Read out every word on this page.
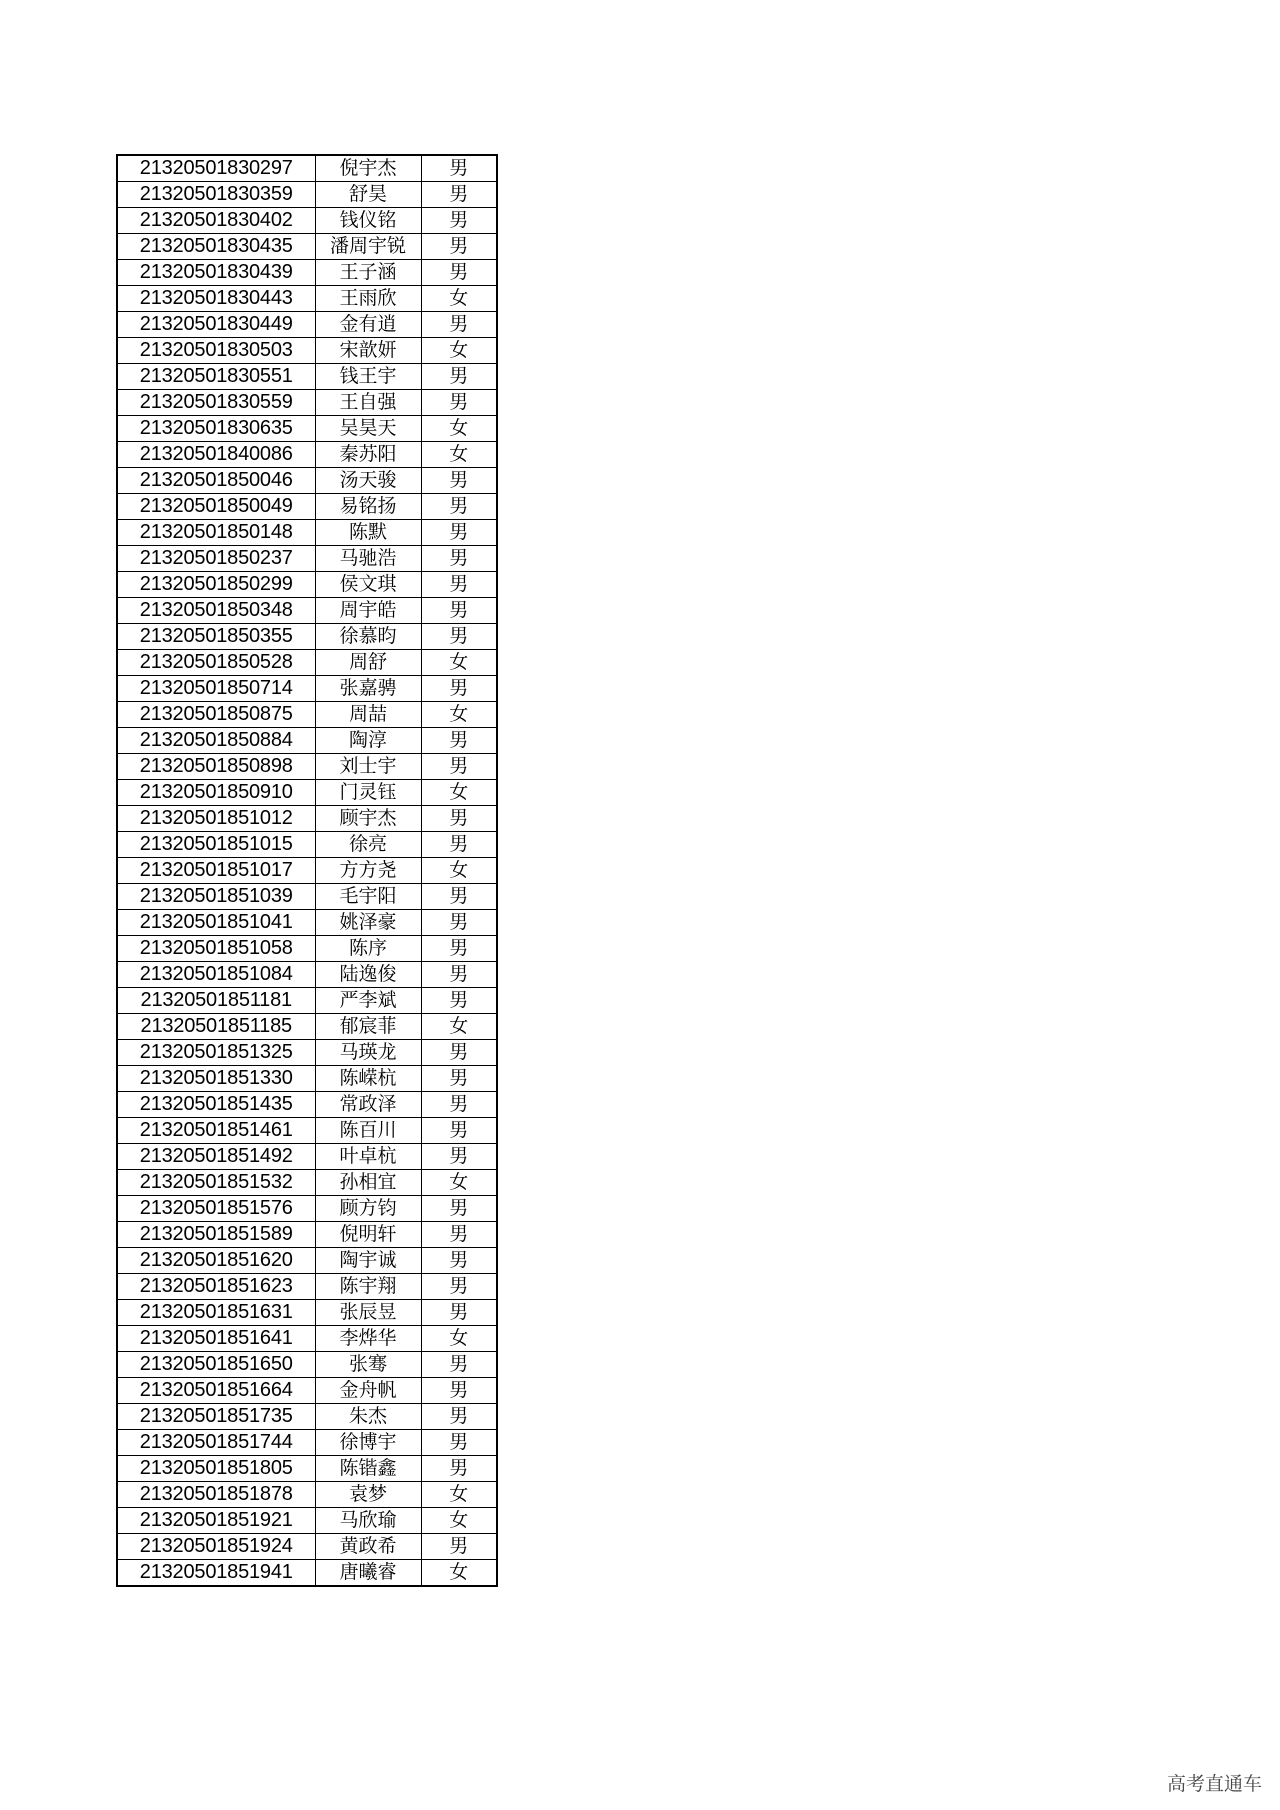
21320501830297	倪宇杰	男
21320501830359	舒昊	男
21320501830402	钱仪铭	男
21320501830435	潘周宇锐	男
21320501830439	王子涵	男
21320501830443	王雨欣	女
21320501830449	金有逍	男
21320501830503	宋歆妍	女
21320501830551	钱王宇	男
21320501830559	王自强	男
21320501830635	吴昊天	女
21320501840086	秦苏阳	女
21320501850046	汤天骏	男
21320501850049	易铭扬	男
21320501850148	陈默	男
21320501850237	马驰浩	男
21320501850299	侯文琪	男
21320501850348	周宇皓	男
21320501850355	徐慕昀	男
21320501850528	周舒	女
21320501850714	张嘉骋	男
21320501850875	周喆	女
21320501850884	陶淳	男
21320501850898	刘士宇	男
21320501850910	门灵钰	女
21320501851012	顾宇杰	男
21320501851015	徐亮	男
21320501851017	方方尧	女
21320501851039	毛宇阳	男
21320501851041	姚泽豪	男
21320501851058	陈序	男
21320501851084	陆逸俊	男
21320501851181	严李斌	男
21320501851185	郁宸菲	女
21320501851325	马瑛龙	男
21320501851330	陈嵘杭	男
21320501851435	常政泽	男
21320501851461	陈百川	男
21320501851492	叶卓杭	男
21320501851532	孙相宜	女
21320501851576	顾方钧	男
21320501851589	倪明轩	男
21320501851620	陶宇诚	男
21320501851623	陈宇翔	男
21320501851631	张辰昱	男
21320501851641	李烨华	女
21320501851650	张骞	男
21320501851664	金舟帆	男
21320501851735	朱杰	男
21320501851744	徐博宇	男
21320501851805	陈锴鑫	男
21320501851878	袁梦	女
21320501851921	马欣瑜	女
21320501851924	黄政希	男
21320501851941	唐曦睿	女
高考直通车
